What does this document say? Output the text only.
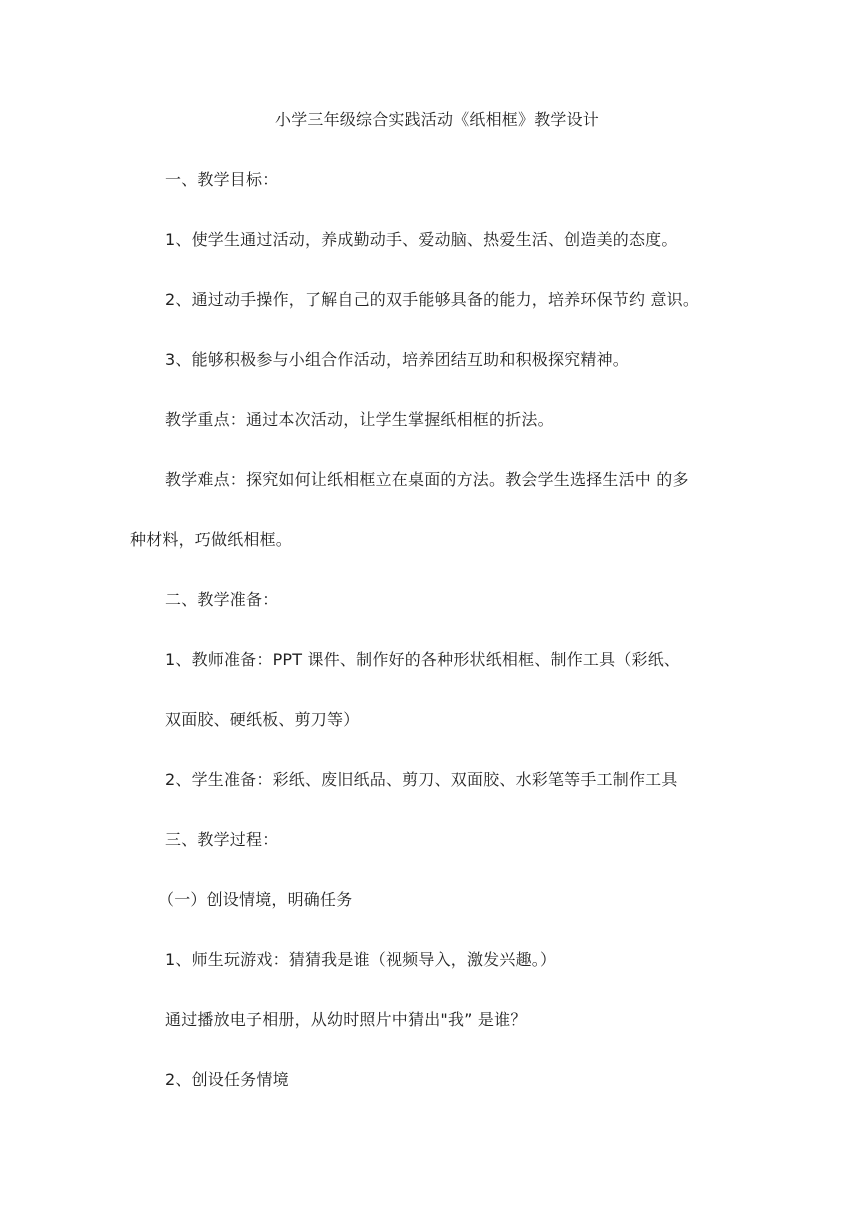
小学三年级综合实践活动《纸相框》教学设计
一、教学目标：
1、使学生通过活动，养成勤动手、爱动脑、热爱生活、创造美的态度。
2、通过动手操作，了解自己的双手能够具备的能力，培养环保节约 意识。
3、能够积极参与小组合作活动，培养团结互助和积极探究精神。
教学重点：通过本次活动，让学生掌握纸相框的折法。
教学难点：探究如何让纸相框立在桌面的方法。教会学生选择生活中 的多
种材料，巧做纸相框。
二、教学准备：
1、教师准备：PPT 课件、制作好的各种形状纸相框、制作工具（彩纸、
双面胶、硬纸板、剪刀等）
2、学生准备：彩纸、废旧纸品、剪刀、双面胶、水彩笔等手工制作工具
三、教学过程：
（一）创设情境，明确任务
1、师生玩游戏：猜猜我是谁（视频导入，激发兴趣。）
通过播放电子相册，从幼时照片中猜出"我” 是谁？
2、创设任务情境
